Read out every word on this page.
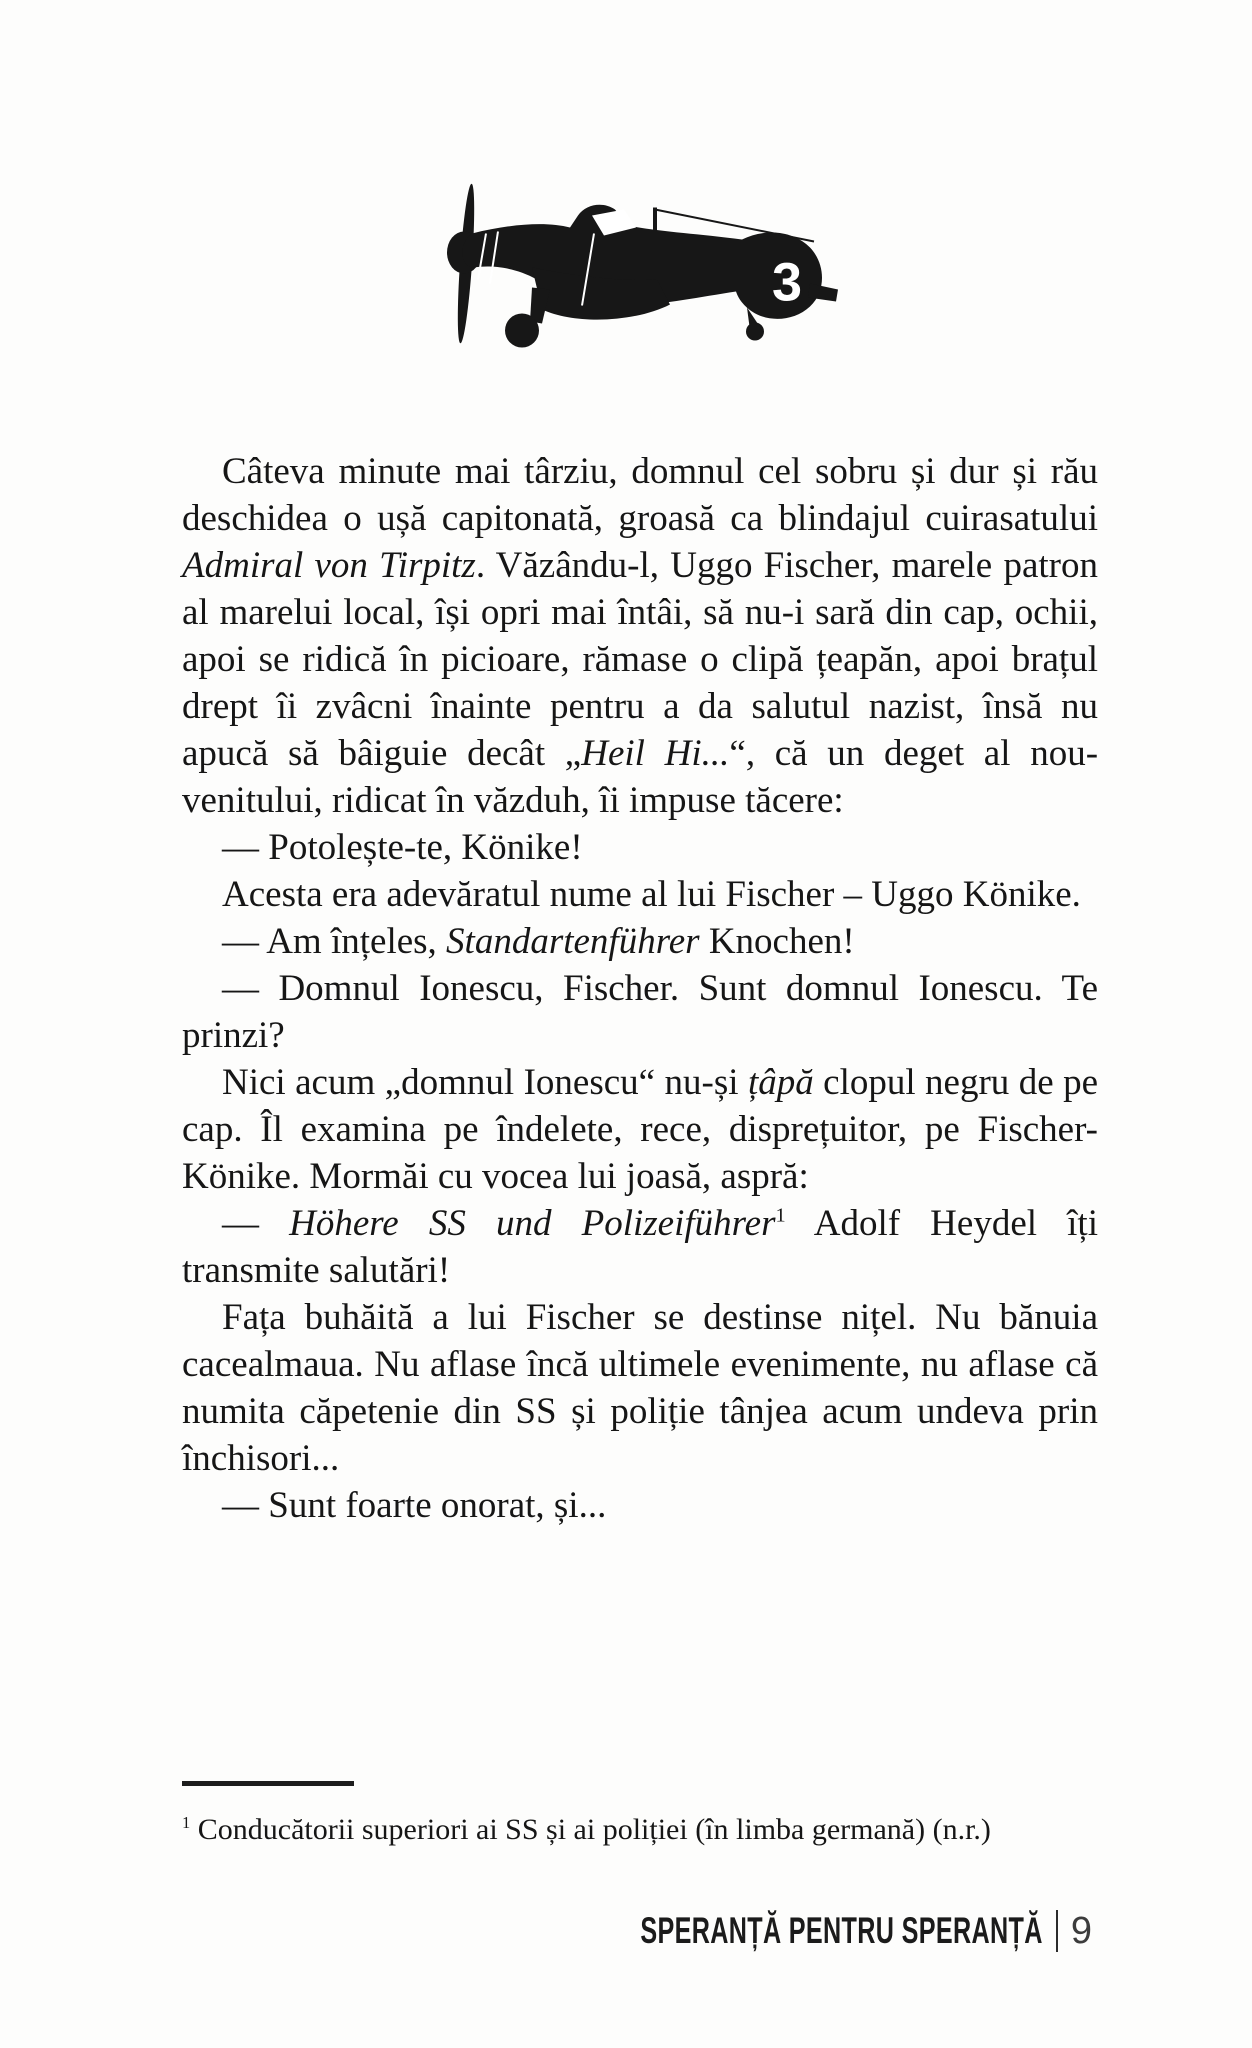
3

Câteva minute mai târziu, domnul cel sobru și dur și rău deschidea o ușă capitonată, groasă ca blindajul cuirasatului Admiral von Tirpitz. Văzându-l, Uggo Fischer, marele patron al marelui local, își opri mai întâi, să nu-i sară din cap, ochii, apoi se ridică în picioare, rămase o clipă țeapăn, apoi brațul drept îi zvâcni înainte pentru a da salutul nazist, însă nu apucă să bâiguie decât „Heil Hi...“, că un deget al nou-venitului, ridicat în văzduh, îi impuse tăcere:

— Potolește-te, Könike!

Acesta era adevăratul nume al lui Fischer – Uggo Könike.

— Am înțeles, Standartenführer Knochen!

— Domnul Ionescu, Fischer. Sunt domnul Ionescu. Te prinzi?

Nici acum „domnul Ionescu“ nu-și țâpă clopul negru de pe cap. Îl examina pe îndelete, rece, disprețuitor, pe Fischer-Könike. Mormăi cu vocea lui joasă, aspră:

— Höhere SS und Polizeiführer$^1$ Adolf Heydel îți transmite salutări!

Fața buhăită a lui Fischer se destinse nițel. Nu bănuia cacealmaua. Nu aflase încă ultimele evenimente, nu aflase că numita căpetenie din SS și poliție tânjea acum undeva prin închisori...

— Sunt foarte onorat, și...

$^1$ Conducătorii superiori ai SS și ai poliției (în limba germană) (n.r.)
SPERANȚĂ PENTRU SPERANȚĂ 9
